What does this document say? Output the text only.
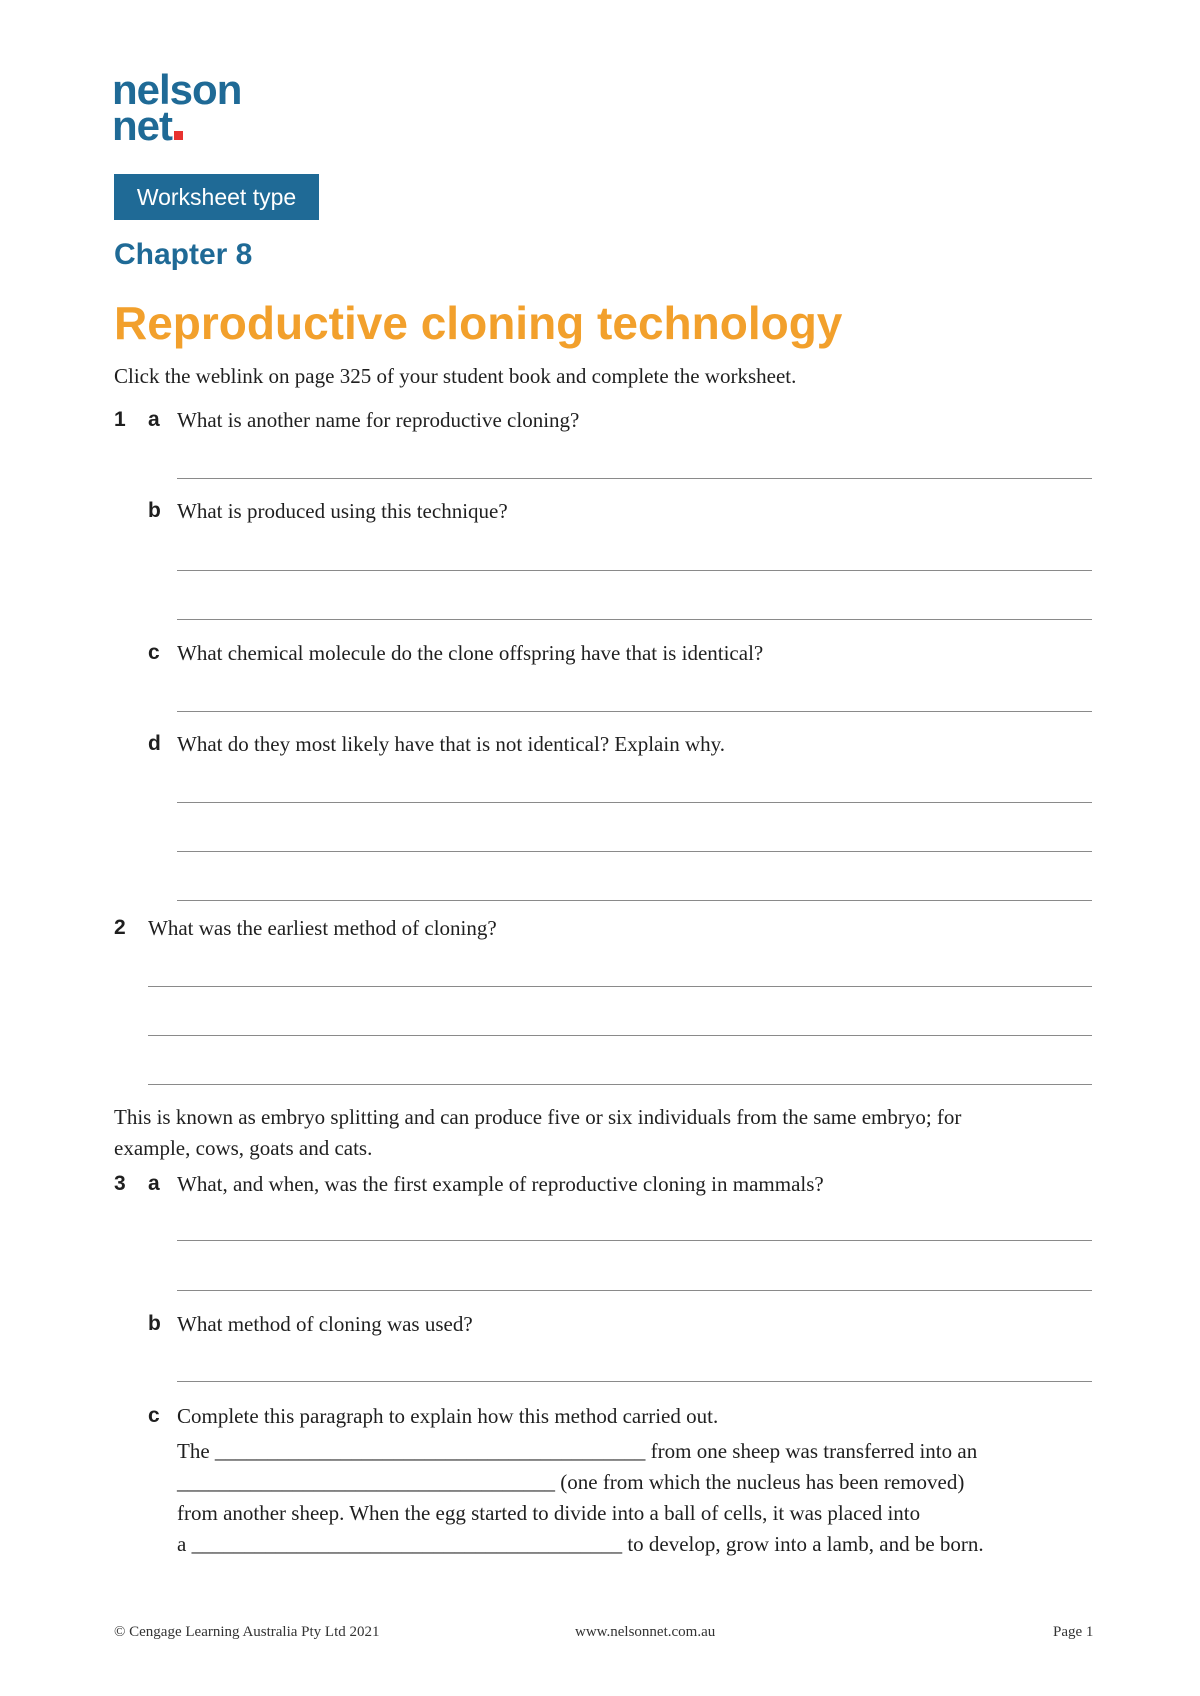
nelson
net
Worksheet type
Chapter 8
Reproductive cloning technology
Click the weblink on page 325 of your student book and complete the worksheet.
1 a What is another name for reproductive cloning?
b What is produced using this technique?
c What chemical molecule do the clone offspring have that is identical?
d What do they most likely have that is not identical? Explain why.
2 What was the earliest method of cloning?
This is known as embryo splitting and can produce five or six individuals from the same embryo; for
example, cows, goats and cats.
3 a What, and when, was the first example of reproductive cloning in mammals?
b What method of cloning was used?
c Complete this paragraph to explain how this method carried out.
The _________________________________________ from one sheep was transferred into an
____________________________________ (one from which the nucleus has been removed)
from another sheep. When the egg started to divide into a ball of cells, it was placed into
a _________________________________________ to develop, grow into a lamb, and be born.
© Cengage Learning Australia Pty Ltd 2021	www.nelsonnet.com.au	Page 1
